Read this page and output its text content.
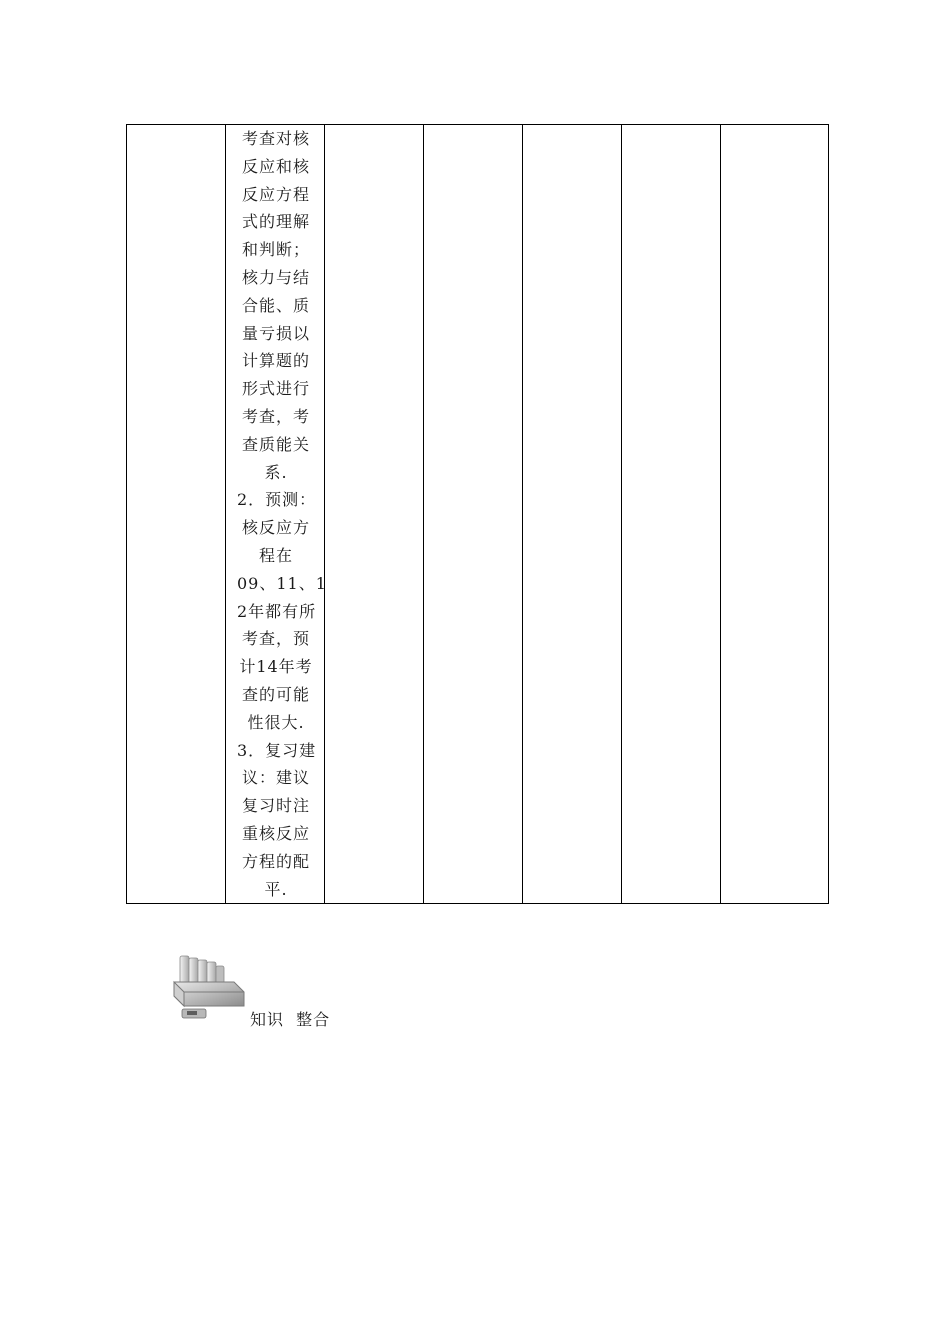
考查对核
反应和核
反应方程
式的理解
和判断；
核力与结
合能、质
量亏损以
计算题的
形式进行
考查，考
查质能关
系.
2．预测：
核反应方
程在
09、11、1
2年都有所
考查，预
计14年考
查的可能
性很大.
3．复习建
议：建议
复习时注
重核反应
方程的配
平.

知识  整合
